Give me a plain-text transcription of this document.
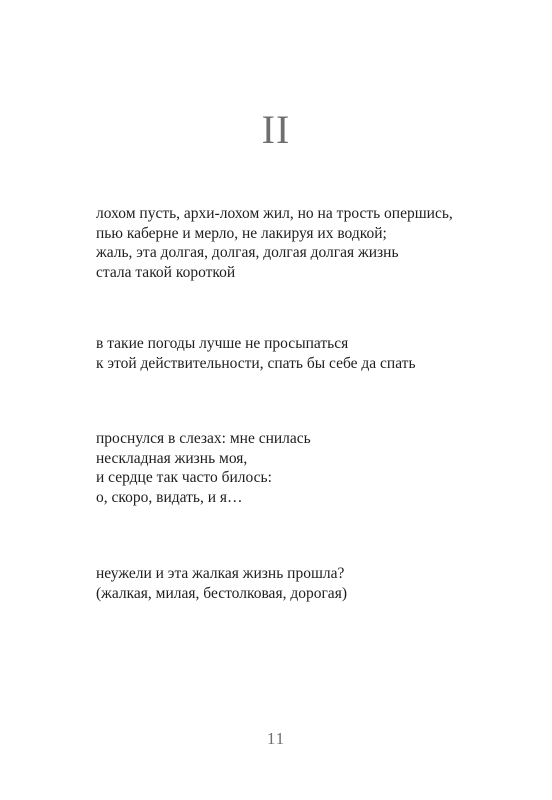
II
лохом пусть, архи-лохом жил, но на трость опершись,
пью каберне и мерло, не лакируя их водкой;
жаль, эта долгая, долгая, долгая долгая жизнь
стала такой короткой
в такие погоды лучше не просыпаться
к этой действительности, спать бы себе да спать
проснулся в слезах: мне снилась
нескладная жизнь моя,
и сердце так часто билось:
о, скоро, видать, и я…
неужели и эта жалкая жизнь прошла?
(жалкая, милая, бестолковая, дорогая)
11
